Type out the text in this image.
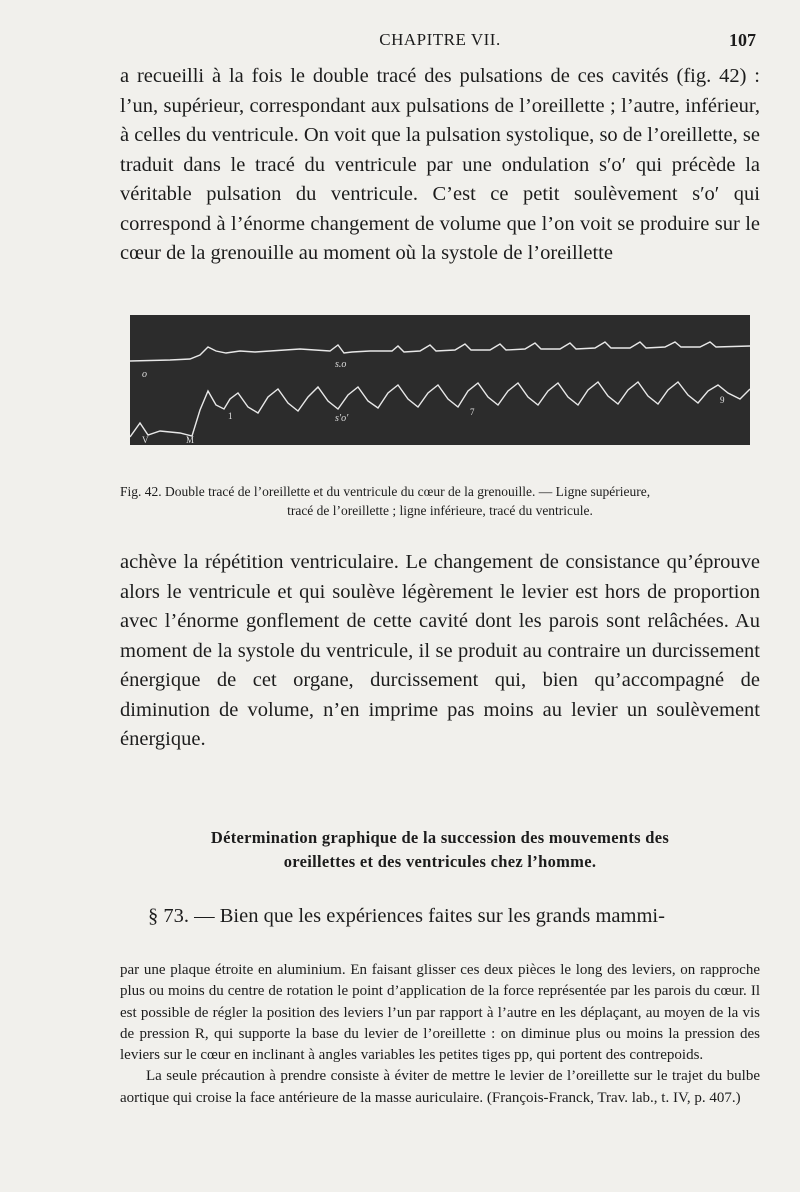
CHAPITRE VII.	107

a recueilli à la fois le double tracé des pulsations de ces cavités (fig. 42) : l’un, supérieur, correspondant aux pulsations de l’oreillette ; l’autre, inférieur, à celles du ventricule. On voit que la pulsation systolique, so de l’oreillette, se traduit dans le tracé du ventricule par une ondulation s′o′ qui précède la véritable pulsation du ventricule. C’est ce petit soulèvement s′o′ qui correspond à l’énorme changement de volume que l’on voit se produire sur le cœur de la grenouille au moment où la systole de l’oreillette

o
s.o
s′o′
1	7
9
V	M
Fig. 42. Double tracé de l’oreillette et du ventricule du cœur de la grenouille. — Ligne supérieure,
tracé de l’oreillette ; ligne inférieure, tracé du ventricule.

achève la répétition ventriculaire. Le changement de consistance qu’éprouve alors le ventricule et qui soulève légèrement le levier est hors de proportion avec l’énorme gonflement de cette cavité dont les parois sont relâchées. Au moment de la systole du ventricule, il se produit au contraire un durcissement énergique de cet organe, durcissement qui, bien qu’accompagné de diminution de volume, n’en imprime pas moins au levier un soulèvement énergique.

Détermination graphique de la succession des mouvements des
oreillettes et des ventricules chez l’homme.
§ 73. — Bien que les expériences faites sur les grands mammi-

par une plaque étroite en aluminium. En faisant glisser ces deux pièces le long des leviers, on rapproche plus ou moins du centre de rotation le point d’application de la force représentée par les parois du cœur. Il est possible de régler la position des leviers l’un par rapport à l’autre en les déplaçant, au moyen de la vis de pression R, qui supporte la base du levier de l’oreillette : on diminue plus ou moins la pression des leviers sur le cœur en inclinant à angles variables les petites tiges pp, qui portent des contrepoids.

La seule précaution à prendre consiste à éviter de mettre le levier de l’oreillette sur le trajet du bulbe aortique qui croise la face antérieure de la masse auriculaire. (François-Franck, Trav. lab., t. IV, p. 407.)
